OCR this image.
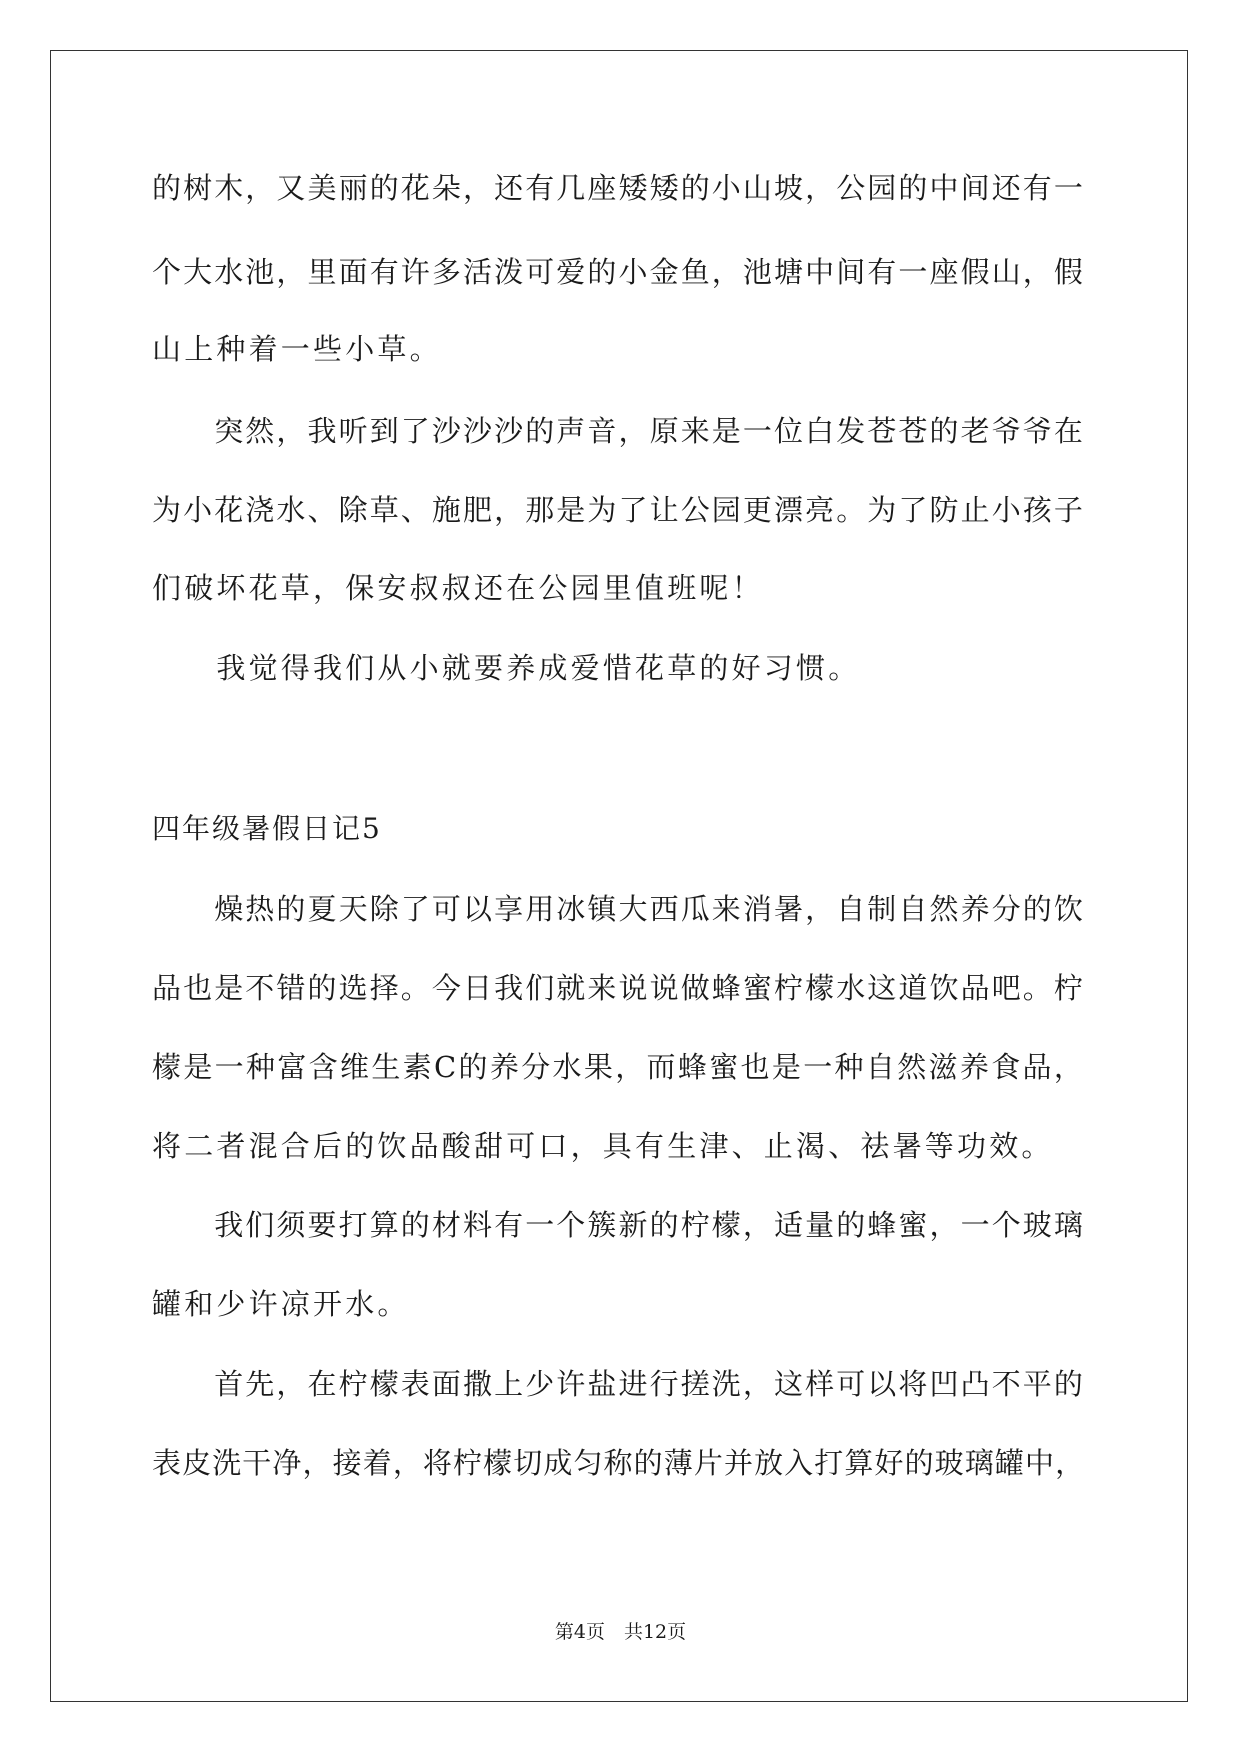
的树木，又美丽的花朵，还有几座矮矮的小山坡，公园的中间还有一
个大水池，里面有许多活泼可爱的小金鱼，池塘中间有一座假山，假
山上种着一些小草。
　　突然，我听到了沙沙沙的声音，原来是一位白发苍苍的老爷爷在
为小花浇水、除草、施肥，那是为了让公园更漂亮。为了防止小孩子
们破坏花草，保安叔叔还在公园里值班呢！
　　我觉得我们从小就要养成爱惜花草的好习惯。
四年级暑假日记5
　　燥热的夏天除了可以享用冰镇大西瓜来消暑，自制自然养分的饮
品也是不错的选择。今日我们就来说说做蜂蜜柠檬水这道饮品吧。柠
檬是一种富含维生素C的养分水果，而蜂蜜也是一种自然滋养食品，
将二者混合后的饮品酸甜可口，具有生津、止渴、祛暑等功效。
　　我们须要打算的材料有一个簇新的柠檬，适量的蜂蜜，一个玻璃
罐和少许凉开水。
　　首先，在柠檬表面撒上少许盐进行搓洗，这样可以将凹凸不平的
表皮洗干净，接着，将柠檬切成匀称的薄片并放入打算好的玻璃罐中，
第4页　共12页
